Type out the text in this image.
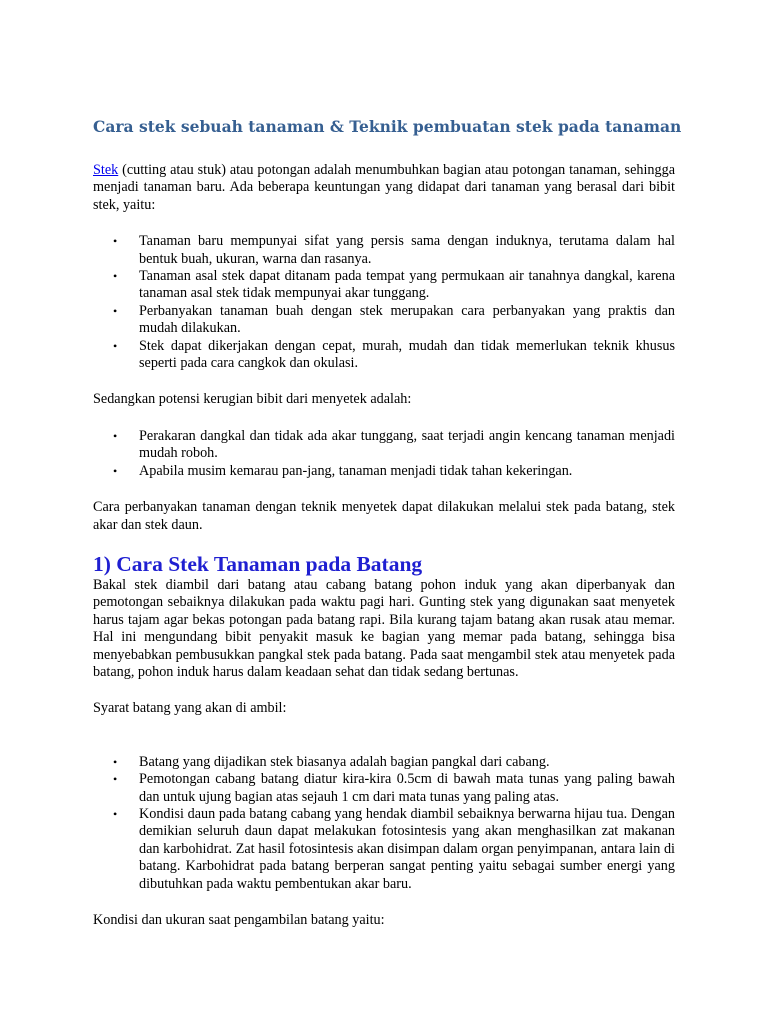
Cara stek sebuah tanaman & Teknik pembuatan stek pada tanaman

Stek (cutting atau stuk) atau potongan adalah menumbuhkan bagian atau potongan tanaman, sehingga menjadi tanaman baru. Ada beberapa keuntungan yang didapat dari tanaman yang berasal dari bibit stek, yaitu:

• Tanaman baru mempunyai sifat yang persis sama dengan induknya, terutama dalam hal bentuk buah, ukuran, warna dan rasanya.
• Tanaman asal stek dapat ditanam pada tempat yang permukaan air tanahnya dangkal, karena tanaman asal stek tidak mempunyai akar tunggang.
• Perbanyakan tanaman buah dengan stek merupakan cara perbanyakan yang praktis dan mudah dilakukan.
• Stek dapat dikerjakan dengan cepat, murah, mudah dan tidak memerlukan teknik khusus seperti pada cara cangkok dan okulasi.

Sedangkan potensi kerugian bibit dari menyetek adalah:

• Perakaran dangkal dan tidak ada akar tunggang, saat terjadi angin kencang tanaman menjadi mudah roboh.
• Apabila musim kemarau pan-jang, tanaman menjadi tidak tahan kekeringan.

Cara perbanyakan tanaman dengan teknik menyetek dapat dilakukan melalui stek pada batang, stek akar dan stek daun.

1) Cara Stek Tanaman pada Batang

Bakal stek diambil dari batang atau cabang batang pohon induk yang akan diperbanyak dan pemotongan sebaiknya dilakukan pada waktu pagi hari. Gunting stek yang digunakan saat menyetek harus tajam agar bekas potongan pada batang rapi. Bila kurang tajam batang akan rusak atau memar. Hal ini mengundang bibit penyakit masuk ke bagian yang memar pada batang, sehingga bisa menyebabkan pembusukkan pangkal stek pada batang. Pada saat mengambil stek atau menyetek pada batang, pohon induk harus dalam keadaan sehat dan tidak sedang bertunas.

Syarat batang yang akan di ambil:

• Batang yang dijadikan stek biasanya adalah bagian pangkal dari cabang.
• Pemotongan cabang batang diatur kira-kira 0.5cm di bawah mata tunas yang paling bawah dan untuk ujung bagian atas sejauh 1 cm dari mata tunas yang paling atas.
• Kondisi daun pada batang cabang yang hendak diambil sebaiknya berwarna hijau tua. Dengan demikian seluruh daun dapat melakukan fotosintesis yang akan menghasilkan zat makanan dan karbohidrat. Zat hasil fotosintesis akan disimpan dalam organ penyimpanan, antara lain di batang. Karbohidrat pada batang berperan sangat penting yaitu sebagai sumber energi yang dibutuhkan pada waktu pembentukan akar baru.

Kondisi dan ukuran saat pengambilan batang yaitu:
